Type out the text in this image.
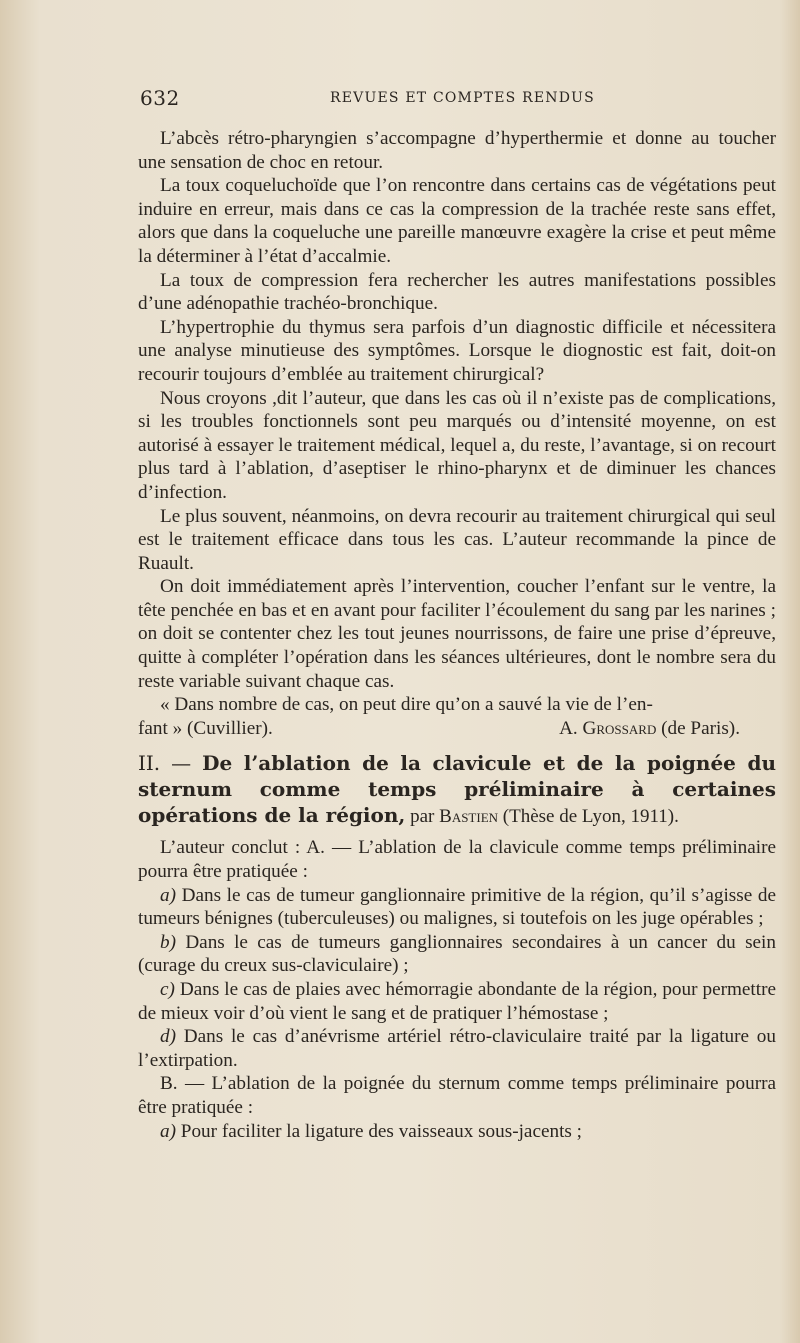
632	REVUES ET COMPTES RENDUS

L’abcès rétro-pharyngien s’accompagne d’hyperthermie et donne au toucher une sensation de choc en retour.

La toux coqueluchoïde que l’on rencontre dans certains cas de végétations peut induire en erreur, mais dans ce cas la compression de la trachée reste sans effet, alors que dans la coqueluche une pareille manœuvre exagère la crise et peut même la déterminer à l’état d’accalmie.

La toux de compression fera rechercher les autres manifestations possibles d’une adénopathie trachéo-bronchique.

L’hypertrophie du thymus sera parfois d’un diagnostic difficile et nécessitera une analyse minutieuse des symptômes. Lorsque le diognostic est fait, doit-on recourir toujours d’emblée au traitement chirurgical?

Nous croyons ,dit l’auteur, que dans les cas où il n’existe pas de complications, si les troubles fonctionnels sont peu marqués ou d’intensité moyenne, on est autorisé à essayer le traitement médical, lequel a, du reste, l’avantage, si on recourt plus tard à l’ablation, d’aseptiser le rhino-pharynx et de diminuer les chances d’infection.

Le plus souvent, néanmoins, on devra recourir au traitement chirurgical qui seul est le traitement efficace dans tous les cas. L’auteur recommande la pince de Ruault.

On doit immédiatement après l’intervention, coucher l’enfant sur le ventre, la tête penchée en bas et en avant pour faciliter l’écoulement du sang par les narines ; on doit se contenter chez les tout jeunes nourrissons, de faire une prise d’épreuve, quitte à compléter l’opération dans les séances ultérieures, dont le nombre sera du reste variable suivant chaque cas.

« Dans nombre de cas, on peut dire qu’on a sauvé la vie de l’en-

fant » (Cuvillier).	A. Grossard (de Paris).

II. — De l’ablation de la clavicule et de la poignée du sternum comme temps préliminaire à certaines opérations de la région, par Bastien (Thèse de Lyon, 1911).

L’auteur conclut : A. — L’ablation de la clavicule comme temps préliminaire pourra être pratiquée :

a) Dans le cas de tumeur ganglionnaire primitive de la région, qu’il s’agisse de tumeurs bénignes (tuberculeuses) ou malignes, si toutefois on les juge opérables ;

b) Dans le cas de tumeurs ganglionnaires secondaires à un cancer du sein (curage du creux sus-claviculaire) ;

c) Dans le cas de plaies avec hémorragie abondante de la région, pour permettre de mieux voir d’où vient le sang et de pratiquer l’hémostase ;

d) Dans le cas d’anévrisme artériel rétro-claviculaire traité par la ligature ou l’extirpation.

B. — L’ablation de la poignée du sternum comme temps préliminaire pourra être pratiquée :

a) Pour faciliter la ligature des vaisseaux sous-jacents ;
